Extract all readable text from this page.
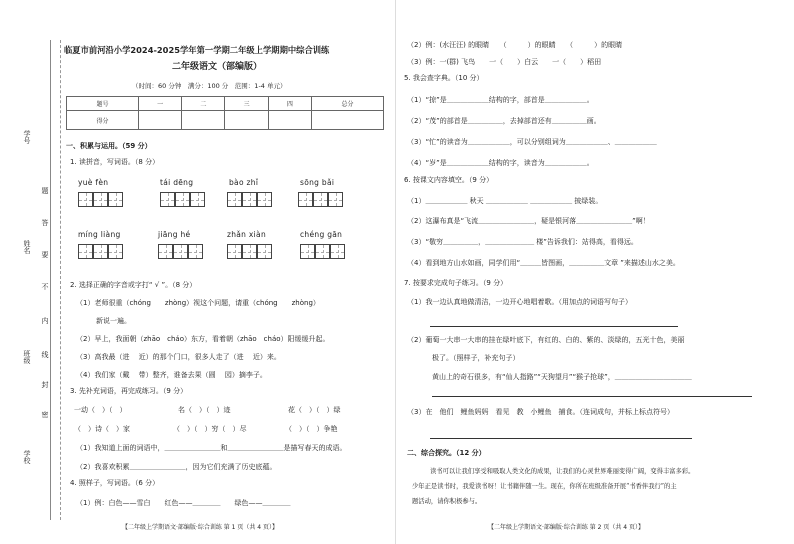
学号
姓名
班级
学校
题
答
要
不
内
线
封
密
临夏市前河沿小学2024-2025学年第一学期二年级上学期期中综合训练
二年级语文（部编版）
（时间：60 分钟　满分：100 分　范围：1-4 单元）
题号	一	二	三	四	总分
得分					
一、积累与运用。（59 分）
1. 读拼音，写词语。（8 分）
yuè fèn	tái dēng	bào zhǐ	sōng bǎi
míng liàng	jiāng hé	zhǎn xiàn	chéng gān
2. 选择正确的字音或字打“ √ ”。（8 分）
（1）老师很重（chóng　　zhòng）视这个问题，请重（chóng　　zhòng）
新说一遍。
（2）早上，我面朝（zhāo　cháo）东方，看着朝（zhāo　cháo）阳缓缓升起。
（3）高我最（进　 近）的那个门口，很多人走了（进　 近）来。
（4）我们家（戴　 带）整齐，谁备去果（圆　 园）摘李子。
3. 先补充词语，再完成练习。（9 分）
一动（　）（　）	名（　）（　）迹	花（　）（　）绿
（　）诗（　）家	（　）（　）穷（　）尽	（　）（　）争艳
（1）我知道上面的词语中，＿＿＿＿＿＿＿＿和＿＿＿＿＿＿＿＿是描写春天的成语。
（2）我喜欢积累＿＿＿＿＿＿＿＿，因为它们充满了历史底蕴。
4. 照样子，写词语。（6 分）
（1）例：白色——雪白　　红色——＿＿＿＿　　绿色——＿＿＿＿
【二年级上学期语文·部编版·综合训练 第 1 页（共 4 页）】
（2）例：(水汪汪) 的眼睛　　（　　　）的眼睛　　（　　　）的眼睛
（3）例：一(群) 飞鸟　　一（　　）白云　　一（　　）稻田
5. 我会查字典。（10 分）
（1）“掠”是＿＿＿＿＿＿结构的字，部首是＿＿＿＿＿＿。
（2）“茂”的部首是＿＿＿＿＿，去掉部首还有＿＿＿＿＿画。
（3）“忙”的读音为＿＿＿＿＿＿，可以分别组词为＿＿＿＿＿＿、＿＿＿＿＿＿
（4）“岁”是＿＿＿＿＿＿结构的字，读音为＿＿＿＿＿＿。
6. 按课文内容填空。（9 分）
（1）＿＿＿＿＿＿ 秋天 ＿＿＿＿＿＿ ＿＿＿＿＿＿ 披绿装。
（2）这瀑布真是“飞流＿＿＿＿＿＿＿＿，疑是银河落＿＿＿＿＿＿＿＿”啊！
（3）“敬穷＿＿＿＿＿，＿＿＿＿＿＿＿ 楼”告诉我们：站得高，看得远。
（4）看到地方山水如画，同学们用“＿＿＿皆图画，＿＿＿＿＿文章 ”来描述山水之美。
7. 按要求完成句子练习。（9 分）
（1）我一边认真地做清洁，一边开心地唱着歌。（用加点的词语写句子）
（2）葡萄一大串一大串的挂在绿叶底下，有红的、白的、紫的、淡绿的，五光十色，美丽
极了。（照样子，补充句子）
黄山上的奇石很多，有“仙人指路”“天狗望月”“猴子抢球”，＿＿＿＿＿＿＿＿＿＿＿
（3）在　他们　鲤鱼妈妈　看见　教　小鲤鱼　捕食。（连词成句，并标上标点符号）
二、综合探究。（12 分）
读书可以让我们享受和吸取人类文化的成果，让我们的心灵世界难丽变得广阔，变得丰富多彩。
少年正是读书时，我爱读书呀！让书籍伴随一生。现在，你所在班级准备开展“书香伴我行”的主
题活动，请你积极参与。
【二年级上学期语文·部编版·综合训练 第 2 页（共 4 页）】
